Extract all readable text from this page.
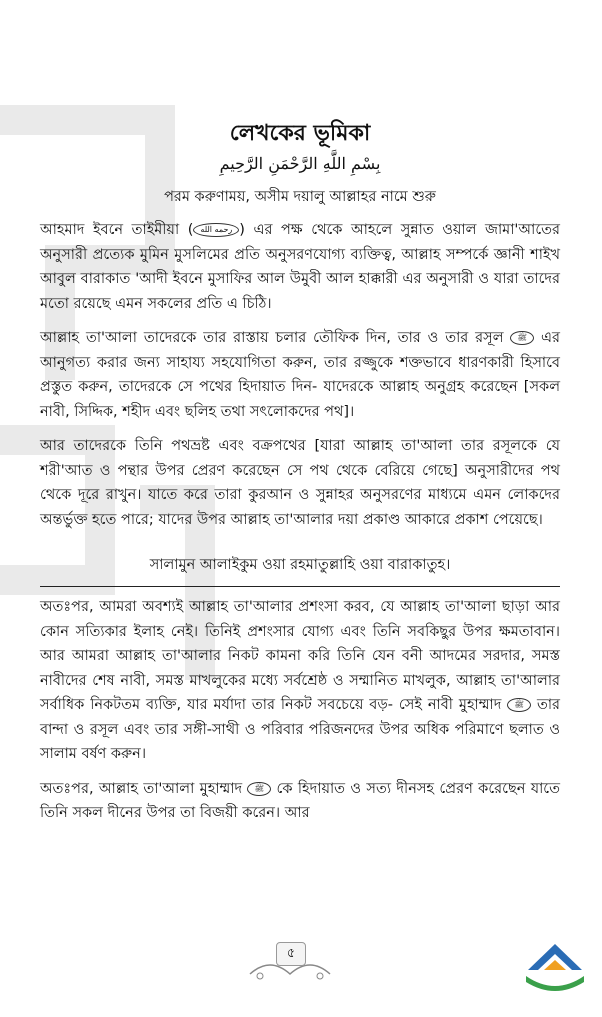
লেখকের ভূমিকা
بِسْمِ اللَّهِ الرَّحْمَنِ الرَّحِيمِ
পরম করুণাময়, অসীম দয়ালু আল্লাহর নামে শুরু

আহমাদ ইবনে তাইমীয়া ( رحمه الله ) এর পক্ষ থেকে আহলে সুন্নাত ওয়াল জামা'আতের অনুসারী প্রত্যেক মুমিন মুসলিমের প্রতি অনুসরণযোগ্য ব্যক্তিত্ব, আল্লাহ সম্পর্কে জ্ঞানী শাইখ আবুল বারাকাত 'আদী ইবনে মুসাফির আল উমুবী আল হাক্কারী এর অনুসারী ও যারা তাদের মতো রয়েছে এমন সকলের প্রতি এ চিঠি।

আল্লাহ তা'আলা তাদেরকে তার রাস্তায় চলার তৌফিক দিন, তার ও তার রসূল ﷺ এর আনুগত্য করার জন্য সাহায্য সহযোগিতা করুন, তার রজ্জুকে শক্তভাবে ধারণকারী হিসাবে প্রস্তুত করুন, তাদেরকে সে পথের হিদায়াত দিন- যাদেরকে আল্লাহ অনুগ্রহ করেছেন [সকল নাবী, সিদ্দিক, শহীদ এবং ছলিহ তথা সৎলোকদের পথ]।

আর তাদেরকে তিনি পথভ্রষ্ট এবং বক্রপথের [যারা আল্লাহ তা'আলা তার রসূলকে যে শরী'আত ও পন্থার উপর প্রেরণ করেছেন সে পথ থেকে বেরিয়ে গেছে] অনুসারীদের পথ থেকে দূরে রাখুন। যাতে করে তারা কুরআন ও সুন্নাহর অনুসরণের মাধ্যমে এমন লোকদের অন্তর্ভুক্ত হতে পারে; যাদের উপর আল্লাহ তা'আলার দয়া প্রকাণ্ড আকারে প্রকাশ পেয়েছে।

সালামুন আলাইকুম ওয়া রহমাতুল্লাহি ওয়া বারাকাতুহ।

অতঃপর, আমরা অবশ্যই আল্লাহ তা'আলার প্রশংসা করব, যে আল্লাহ তা'আলা ছাড়া আর কোন সত্যিকার ইলাহ নেই। তিনিই প্রশংসার যোগ্য এবং তিনি সবকিছুর উপর ক্ষমতাবান। আর আমরা আল্লাহ তা'আলার নিকট কামনা করি তিনি যেন বনী আদমের সরদার, সমস্ত নাবীদের শেষ নাবী, সমস্ত মাখলুকের মধ্যে সর্বশ্রেষ্ঠ ও সম্মানিত মাখলুক, আল্লাহ তা'আলার সর্বাধিক নিকটতম ব্যক্তি, যার মর্যাদা তার নিকট সবচেয়ে বড়- সেই নাবী মুহাম্মাদ ﷺ তার বান্দা ও রসূল এবং তার সঙ্গী-সাথী ও পরিবার পরিজনদের উপর অধিক পরিমাণে ছলাত ও সালাম বর্ষণ করুন।

অতঃপর, আল্লাহ তা'আলা মুহাম্মাদ ﷺ কে হিদায়াত ও সত্য দীনসহ প্রেরণ করেছেন যাতে তিনি সকল দীনের উপর তা বিজয়ী করেন। আর

৫
